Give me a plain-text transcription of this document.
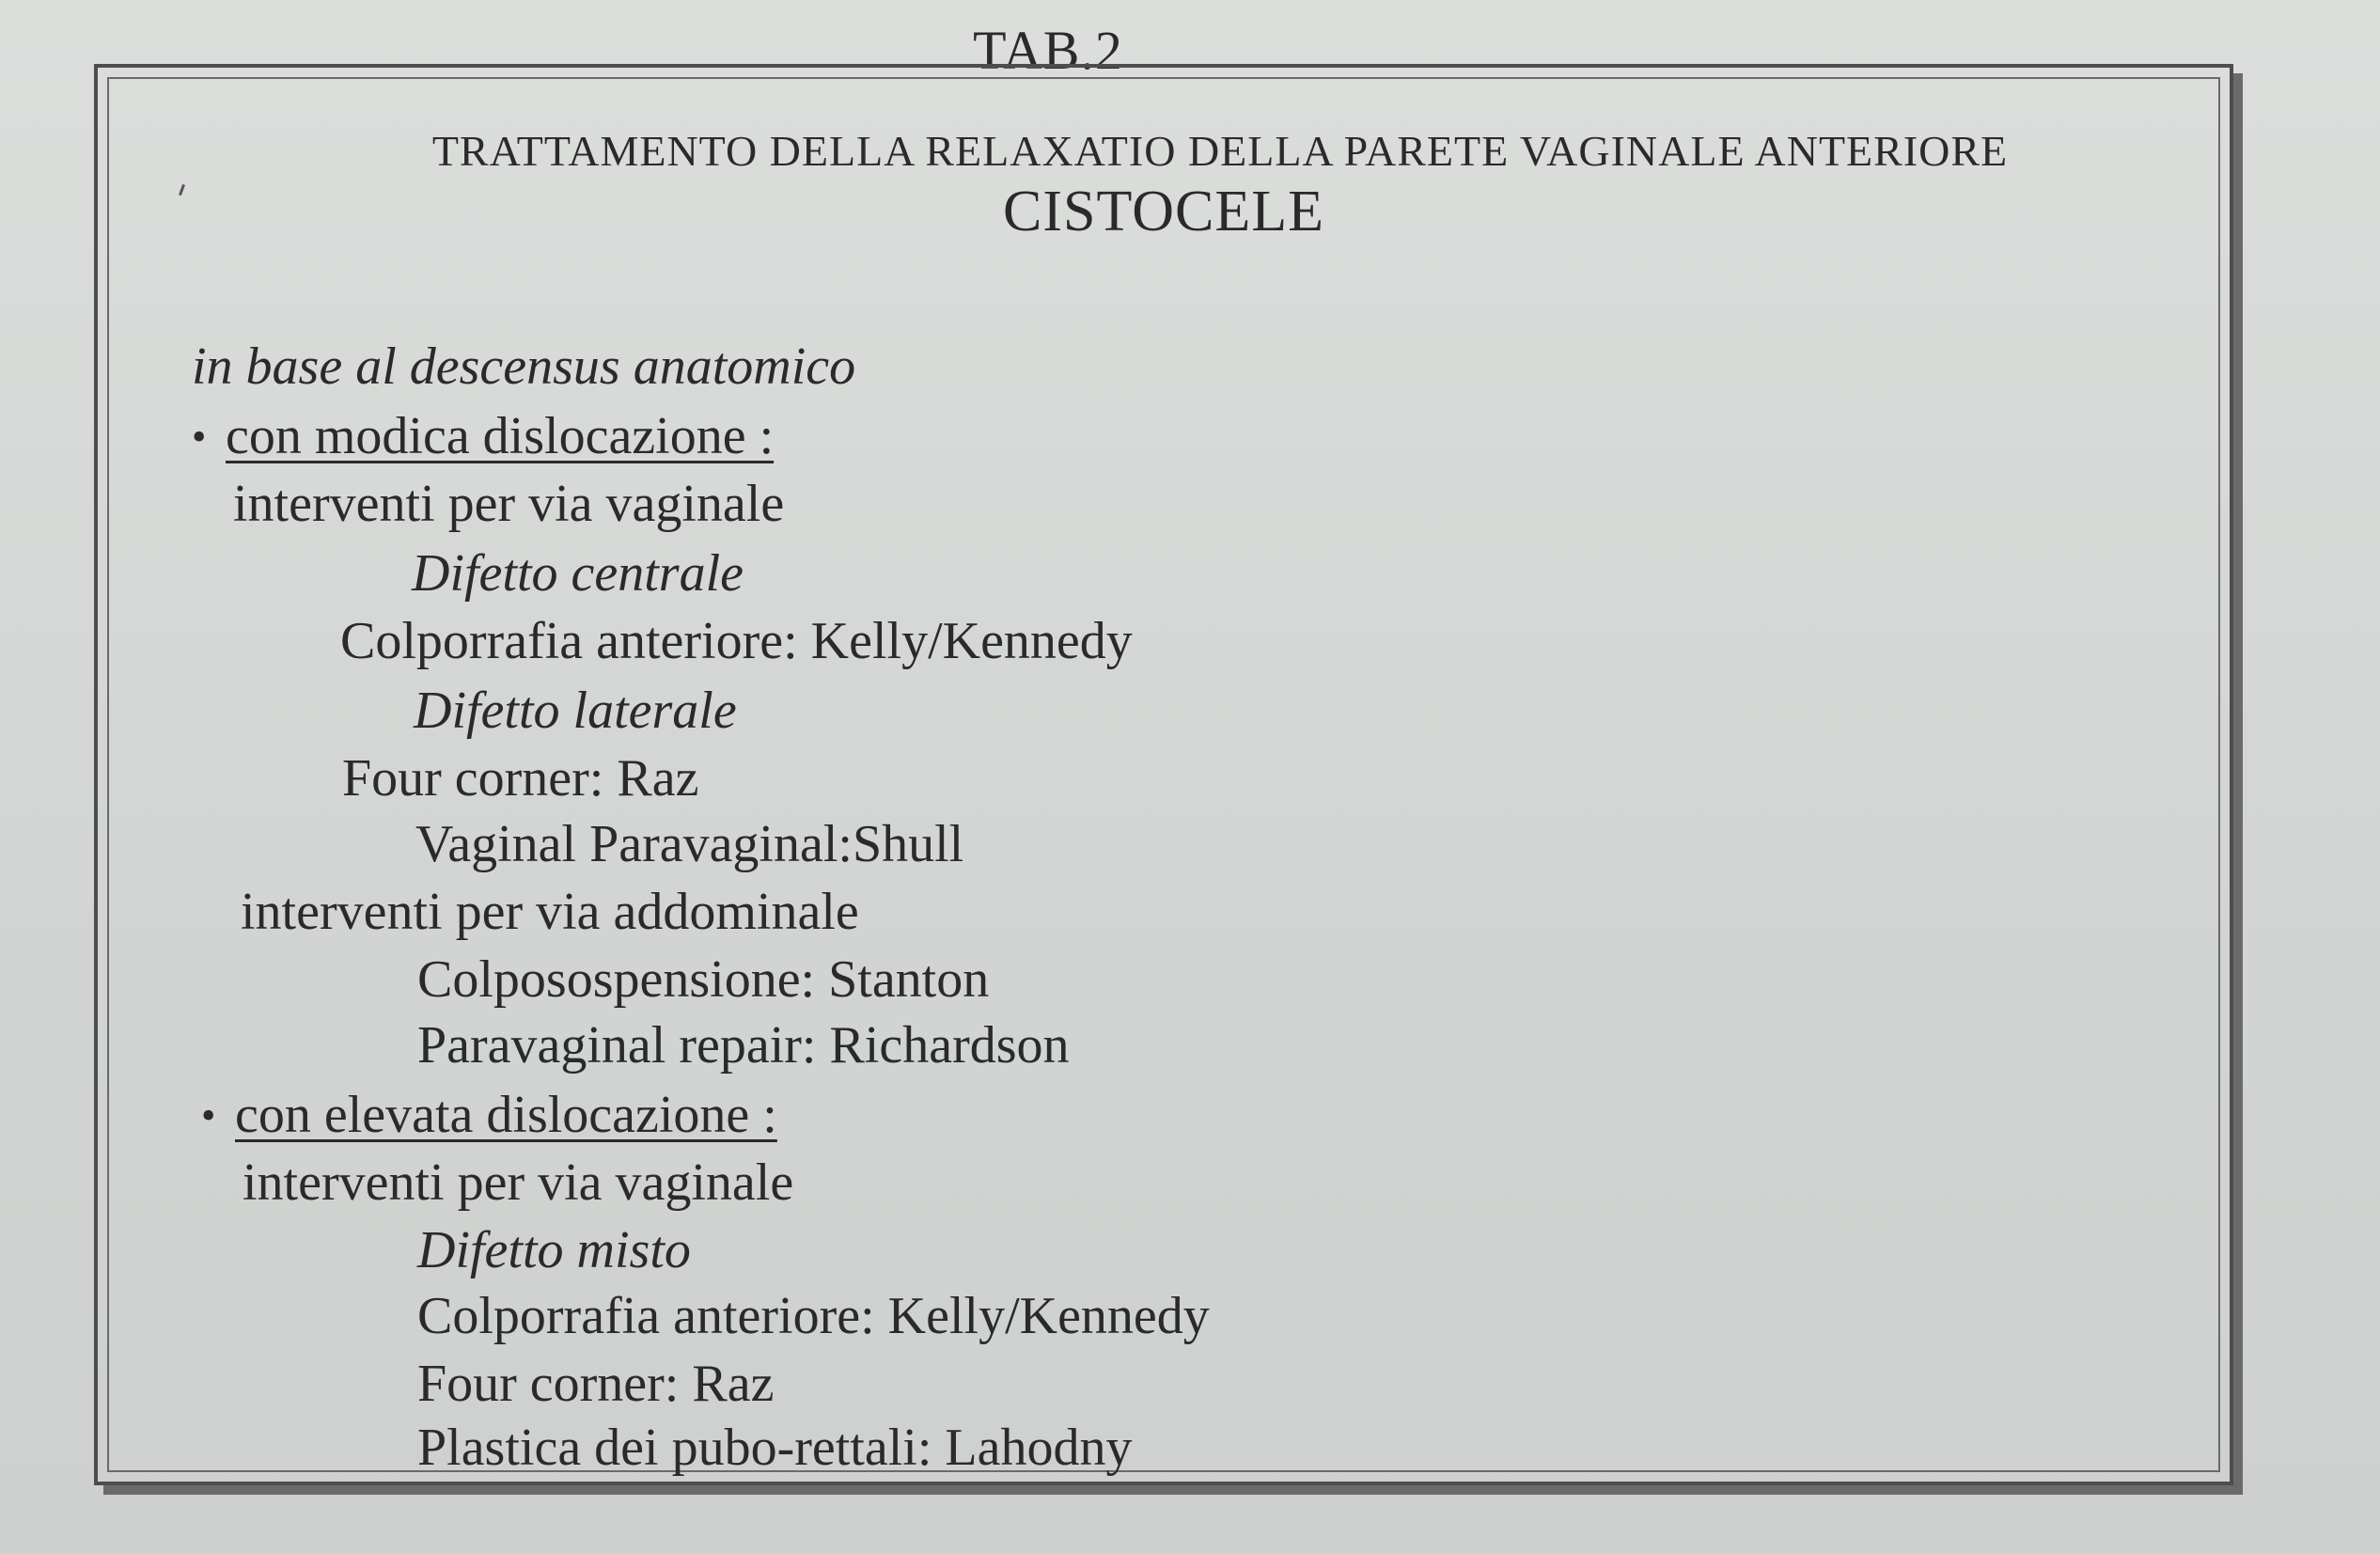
TAB.2
TRATTAMENTO DELLA RELAXATIO DELLA PARETE VAGINALE ANTERIORE
CISTOCELE
in base al descensus anatomico
• con modica dislocazione :
interventi per via vaginale
Difetto centrale
Colporrafia anteriore: Kelly/Kennedy
Difetto laterale
Four corner: Raz
Vaginal Paravaginal:Shull
interventi per via addominale
Colposospensione: Stanton
Paravaginal repair: Richardson
• con elevata dislocazione :
interventi per via vaginale
Difetto misto
Colporrafia anteriore: Kelly/Kennedy
Four corner: Raz
Plastica dei pubo-rettali: Lahodny
